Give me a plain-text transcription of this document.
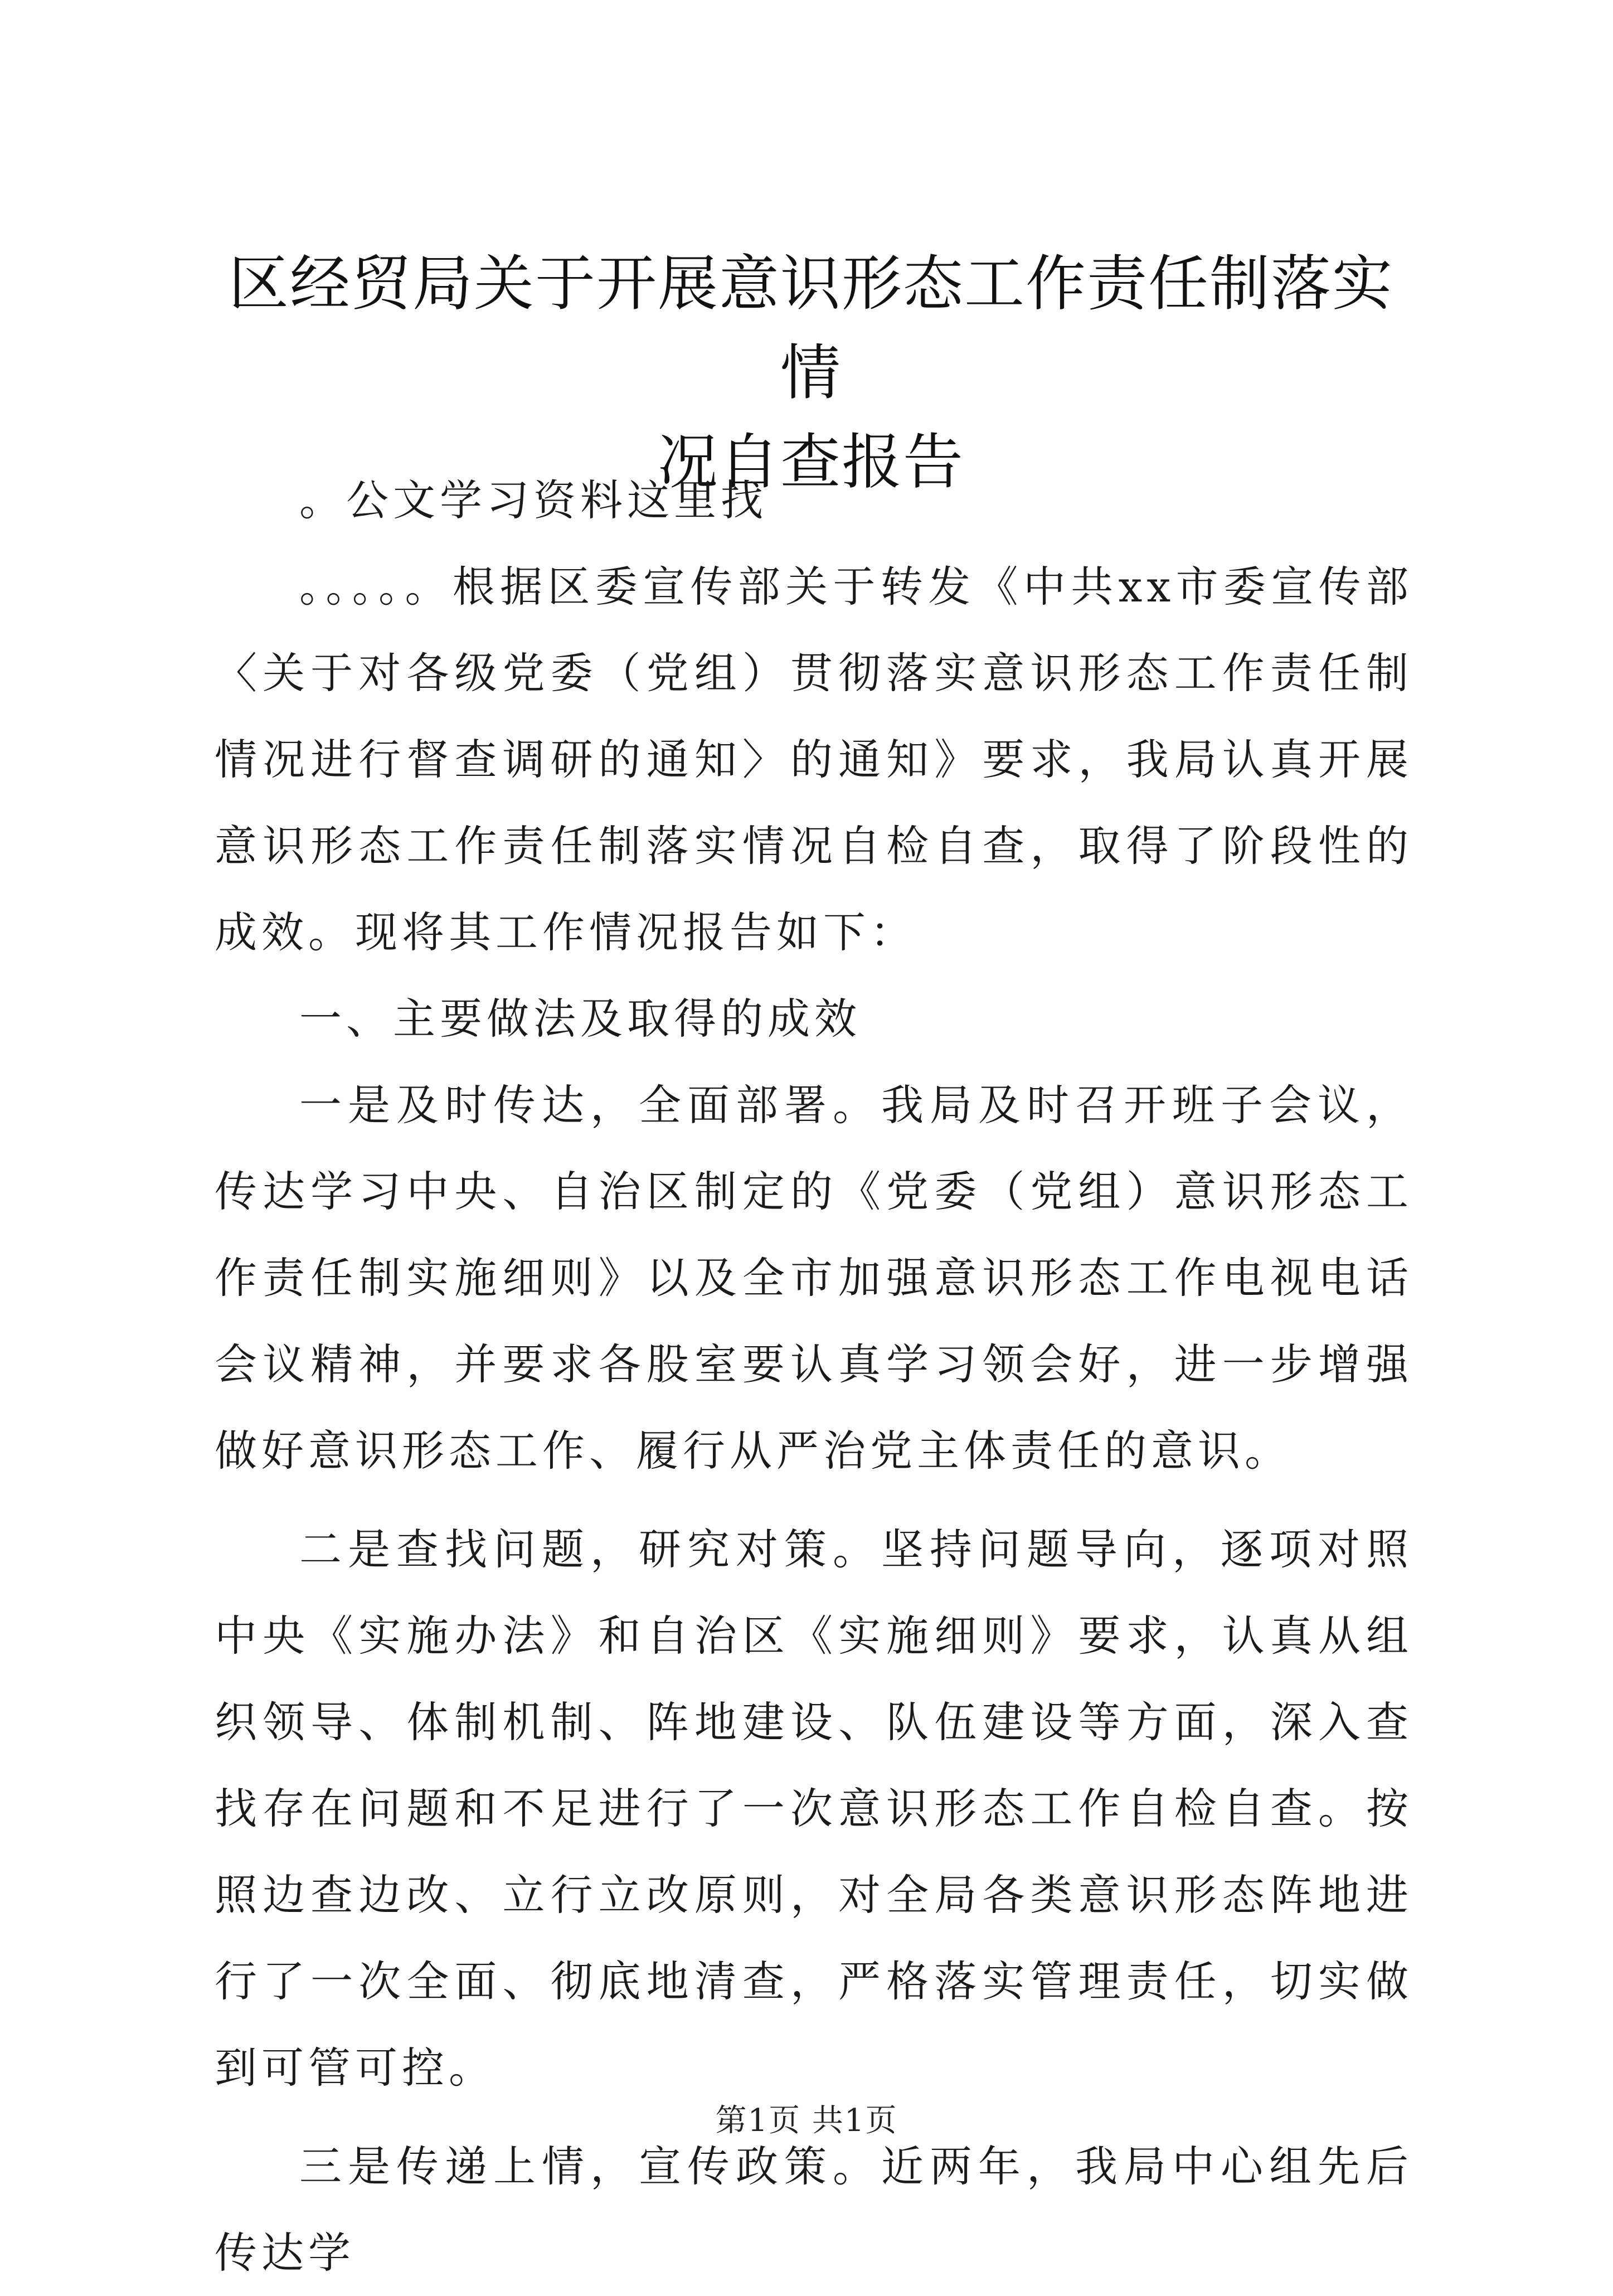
区经贸局关于开展意识形态工作责任制落实情
况自查报告

。公文学习资料这里找

。。。。。根据区委宣传部关于转发《中共xx市委宣传部〈关于对各级党委（党组）贯彻落实意识形态工作责任制情况进行督查调研的通知〉的通知》要求，我局认真开展意识形态工作责任制落实情况自检自查，取得了阶段性的成效。现将其工作情况报告如下：

一、主要做法及取得的成效

一是及时传达，全面部署。我局及时召开班子会议，传达学习中央、自治区制定的《党委（党组）意识形态工作责任制实施细则》以及全市加强意识形态工作电视电话会议精神，并要求各股室要认真学习领会好，进一步增强做好意识形态工作、履行从严治党主体责任的意识。

二是查找问题，研究对策。坚持问题导向，逐项对照中央《实施办法》和自治区《实施细则》要求，认真从组织领导、体制机制、阵地建设、队伍建设等方面，深入查找存在问题和不足进行了一次意识形态工作自检自查。按照边查边改、立行立改原则，对全局各类意识形态阵地进行了一次全面、彻底地清查，严格落实管理责任，切实做到可管可控。

三是传递上情，宣传政策。近两年，我局中心组先后传达学

第1页 共1页
